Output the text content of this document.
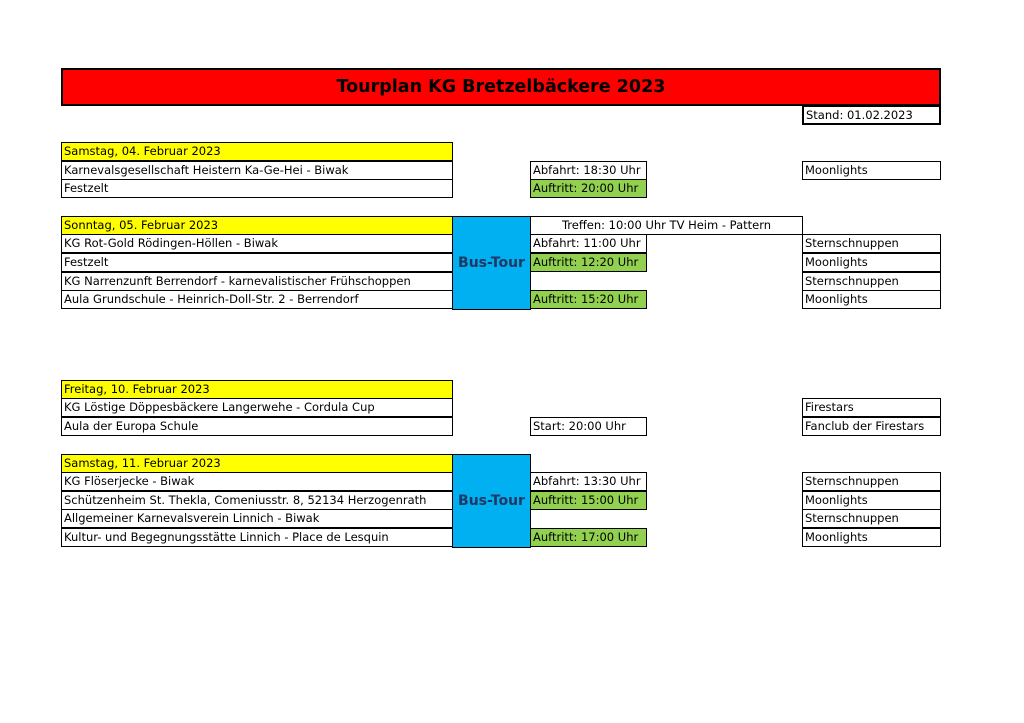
Tourplan KG Bretzelbäckere 2023
Stand: 01.02.2023
Samstag, 04. Februar 2023
Karnevalsgesellschaft Heistern Ka-Ge-Hei - Biwak	Abfahrt: 18:30 Uhr	Moonlights
Festzelt	Auftritt: 20:00 Uhr
Sonntag, 05. Februar 2023	Treffen: 10:00 Uhr TV Heim - Pattern
Bus-Tour
KG Rot-Gold Rödingen-Höllen - Biwak	Abfahrt: 11:00 Uhr	Sternschnuppen
Festzelt	Auftritt: 12:20 Uhr	Moonlights
KG Narrenzunft Berrendorf - karnevalistischer Frühschoppen	Sternschnuppen
Aula Grundschule - Heinrich-Doll-Str. 2 - Berrendorf	Auftritt: 15:20 Uhr	Moonlights
Freitag, 10. Februar 2023
KG Löstige Döppesbäckere Langerwehe - Cordula Cup	Firestars
Aula der Europa Schule	Start: 20:00 Uhr	Fanclub der Firestars
Samstag, 11. Februar 2023
Bus-Tour
KG Flöserjecke - Biwak	Abfahrt: 13:30 Uhr	Sternschnuppen
Schützenheim St. Thekla, Comeniusstr. 8, 52134 Herzogenrath	Auftritt: 15:00 Uhr	Moonlights
Allgemeiner Karnevalsverein Linnich - Biwak	Sternschnuppen
Kultur- und Begegnungsstätte Linnich - Place de Lesquin	Auftritt: 17:00 Uhr	Moonlights
